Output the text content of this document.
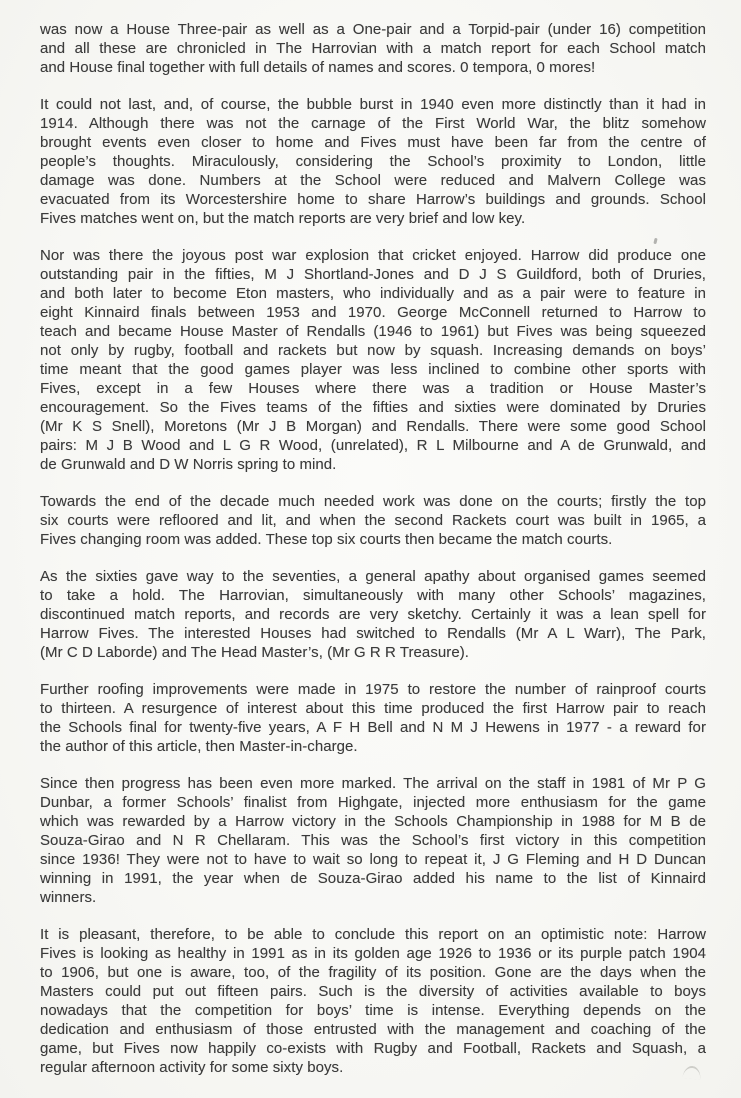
was now a House Three-pair as well as a One-pair and a Torpid-pair (under 16) competition
and all these are chronicled in The Harrovian with a match report for each School match
and House final together with full details of names and scores. 0 tempora, 0 mores!

It could not last, and, of course, the bubble burst in 1940 even more distinctly than it had in
1914. Although there was not the carnage of the First World War, the blitz somehow
brought events even closer to home and Fives must have been far from the centre of
people’s thoughts. Miraculously, considering the School’s proximity to London, little
damage was done. Numbers at the School were reduced and Malvern College was
evacuated from its Worcestershire home to share Harrow’s buildings and grounds. School
Fives matches went on, but the match reports are very brief and low key.

Nor was there the joyous post war explosion that cricket enjoyed. Harrow did produce one
outstanding pair in the fifties, M J Shortland-Jones and D J S Guildford, both of Druries,
and both later to become Eton masters, who individually and as a pair were to feature in
eight Kinnaird finals between 1953 and 1970. George McConnell returned to Harrow to
teach and became House Master of Rendalls (1946 to 1961) but Fives was being squeezed
not only by rugby, football and rackets but now by squash. Increasing demands on boys’
time meant that the good games player was less inclined to combine other sports with
Fives, except in a few Houses where there was a tradition or House Master’s
encouragement. So the Fives teams of the fifties and sixties were dominated by Druries
(Mr K S Snell), Moretons (Mr J B Morgan) and Rendalls. There were some good School
pairs: M J B Wood and L G R Wood, (unrelated), R L Milbourne and A de Grunwald, and
de Grunwald and D W Norris spring to mind.

Towards the end of the decade much needed work was done on the courts; firstly the top
six courts were refloored and lit, and when the second Rackets court was built in 1965, a
Fives changing room was added. These top six courts then became the match courts.

As the sixties gave way to the seventies, a general apathy about organised games seemed
to take a hold. The Harrovian, simultaneously with many other Schools’ magazines,
discontinued match reports, and records are very sketchy. Certainly it was a lean spell for
Harrow Fives. The interested Houses had switched to Rendalls (Mr A L Warr), The Park,
(Mr C D Laborde) and The Head Master’s, (Mr G R R Treasure).

Further roofing improvements were made in 1975 to restore the number of rainproof courts
to thirteen. A resurgence of interest about this time produced the first Harrow pair to reach
the Schools final for twenty-five years, A F H Bell and N M J Hewens in 1977 - a reward for
the author of this article, then Master-in-charge.

Since then progress has been even more marked. The arrival on the staff in 1981 of Mr P G
Dunbar, a former Schools’ finalist from Highgate, injected more enthusiasm for the game
which was rewarded by a Harrow victory in the Schools Championship in 1988 for M B de
Souza-Girao and N R Chellaram. This was the School’s first victory in this competition
since 1936! They were not to have to wait so long to repeat it, J G Fleming and H D Duncan
winning in 1991, the year when de Souza-Girao added his name to the list of Kinnaird
winners.

It is pleasant, therefore, to be able to conclude this report on an optimistic note: Harrow
Fives is looking as healthy in 1991 as in its golden age 1926 to 1936 or its purple patch 1904
to 1906, but one is aware, too, of the fragility of its position. Gone are the days when the
Masters could put out fifteen pairs. Such is the diversity of activities available to boys
nowadays that the competition for boys’ time is intense. Everything depends on the
dedication and enthusiasm of those entrusted with the management and coaching of the
game, but Fives now happily co-exists with Rugby and Football, Rackets and Squash, a
regular afternoon activity for some sixty boys.
